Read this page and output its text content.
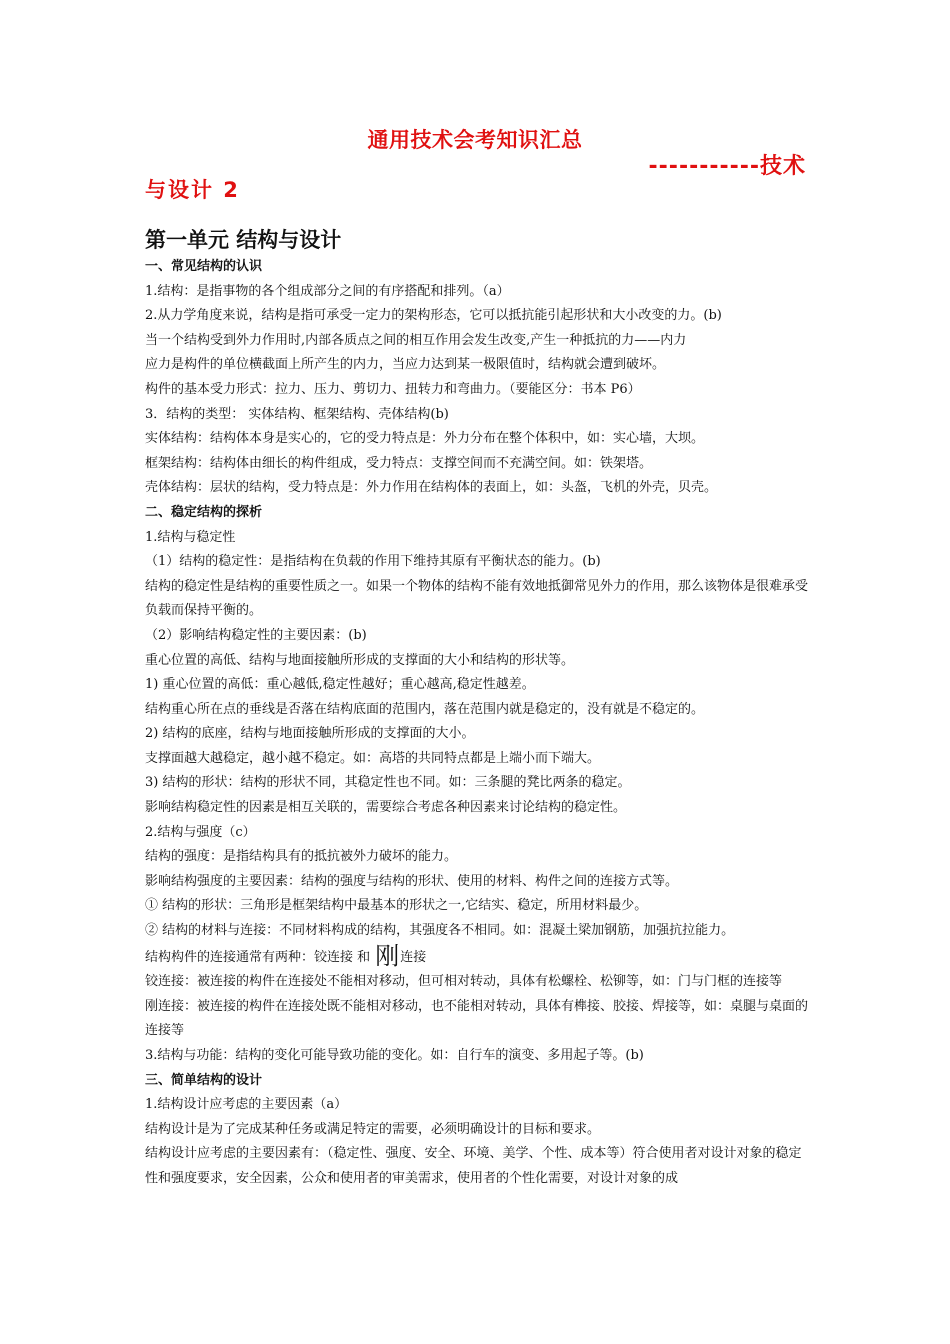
通用技术会考知识汇总
-----------技术
与设计 2
第一单元 结构与设计
一、常见结构的认识
1.结构：是指事物的各个组成部分之间的有序搭配和排列。（a）
2.从力学角度来说，结构是指可承受一定力的架构形态，它可以抵抗能引起形状和大小改变的力。(b)
当一个结构受到外力作用时,内部各质点之间的相互作用会发生改变,产生一种抵抗的力——内力
应力是构件的单位横截面上所产生的内力，当应力达到某一极限值时，结构就会遭到破坏。
构件的基本受力形式：拉力、压力、剪切力、扭转力和弯曲力。（要能区分：书本 P6）
3．结构的类型： 实体结构、框架结构、壳体结构(b)
实体结构：结构体本身是实心的，它的受力特点是：外力分布在整个体积中，如：实心墙，大坝。
框架结构：结构体由细长的构件组成，受力特点：支撑空间而不充满空间。如：铁架塔。
壳体结构：层状的结构，受力特点是：外力作用在结构体的表面上，如：头盔，飞机的外壳，贝壳。
二、稳定结构的探析
1.结构与稳定性
（1）结构的稳定性：是指结构在负载的作用下维持其原有平衡状态的能力。(b)
结构的稳定性是结构的重要性质之一。如果一个物体的结构不能有效地抵御常见外力的作用，那么该物体是很难承受负载而保持平衡的。
（2）影响结构稳定性的主要因素：(b)
重心位置的高低、结构与地面接触所形成的支撑面的大小和结构的形状等。
1) 重心位置的高低：重心越低,稳定性越好；重心越高,稳定性越差。
结构重心所在点的垂线是否落在结构底面的范围内，落在范围内就是稳定的，没有就是不稳定的。
2) 结构的底座，结构与地面接触所形成的支撑面的大小。
支撑面越大越稳定，越小越不稳定。如：高塔的共同特点都是上端小而下端大。
3) 结构的形状：结构的形状不同，其稳定性也不同。如：三条腿的凳比两条的稳定。
影响结构稳定性的因素是相互关联的，需要综合考虑各种因素来讨论结构的稳定性。
2.结构与强度（c）
结构的强度：是指结构具有的抵抗被外力破坏的能力。
影响结构强度的主要因素：结构的强度与结构的形状、使用的材料、构件之间的连接方式等。
① 结构的形状：三角形是框架结构中最基本的形状之一,它结实、稳定，所用材料最少。
② 结构的材料与连接：不同材料构成的结构，其强度各不相同。如：混凝土梁加钢筋，加强抗拉能力。
结构构件的连接通常有两种：铰连接 和 刚连接
铰连接：被连接的构件在连接处不能相对移动，但可相对转动，具体有松螺栓、松铆等，如：门与门框的连接等
刚连接：被连接的构件在连接处既不能相对移动，也不能相对转动，具体有榫接、胶接、焊接等，如：桌腿与桌面的连接等
3.结构与功能：结构的变化可能导致功能的变化。如：自行车的演变、多用起子等。(b)
三、简单结构的设计
1.结构设计应考虑的主要因素（a）
结构设计是为了完成某种任务或满足特定的需要，必须明确设计的目标和要求。
结构设计应考虑的主要因素有：（稳定性、强度、安全、环境、美学、个性、成本等）符合使用者对设计对象的稳定性和强度要求，安全因素，公众和使用者的审美需求，使用者的个性化需要，对设计对象的成
